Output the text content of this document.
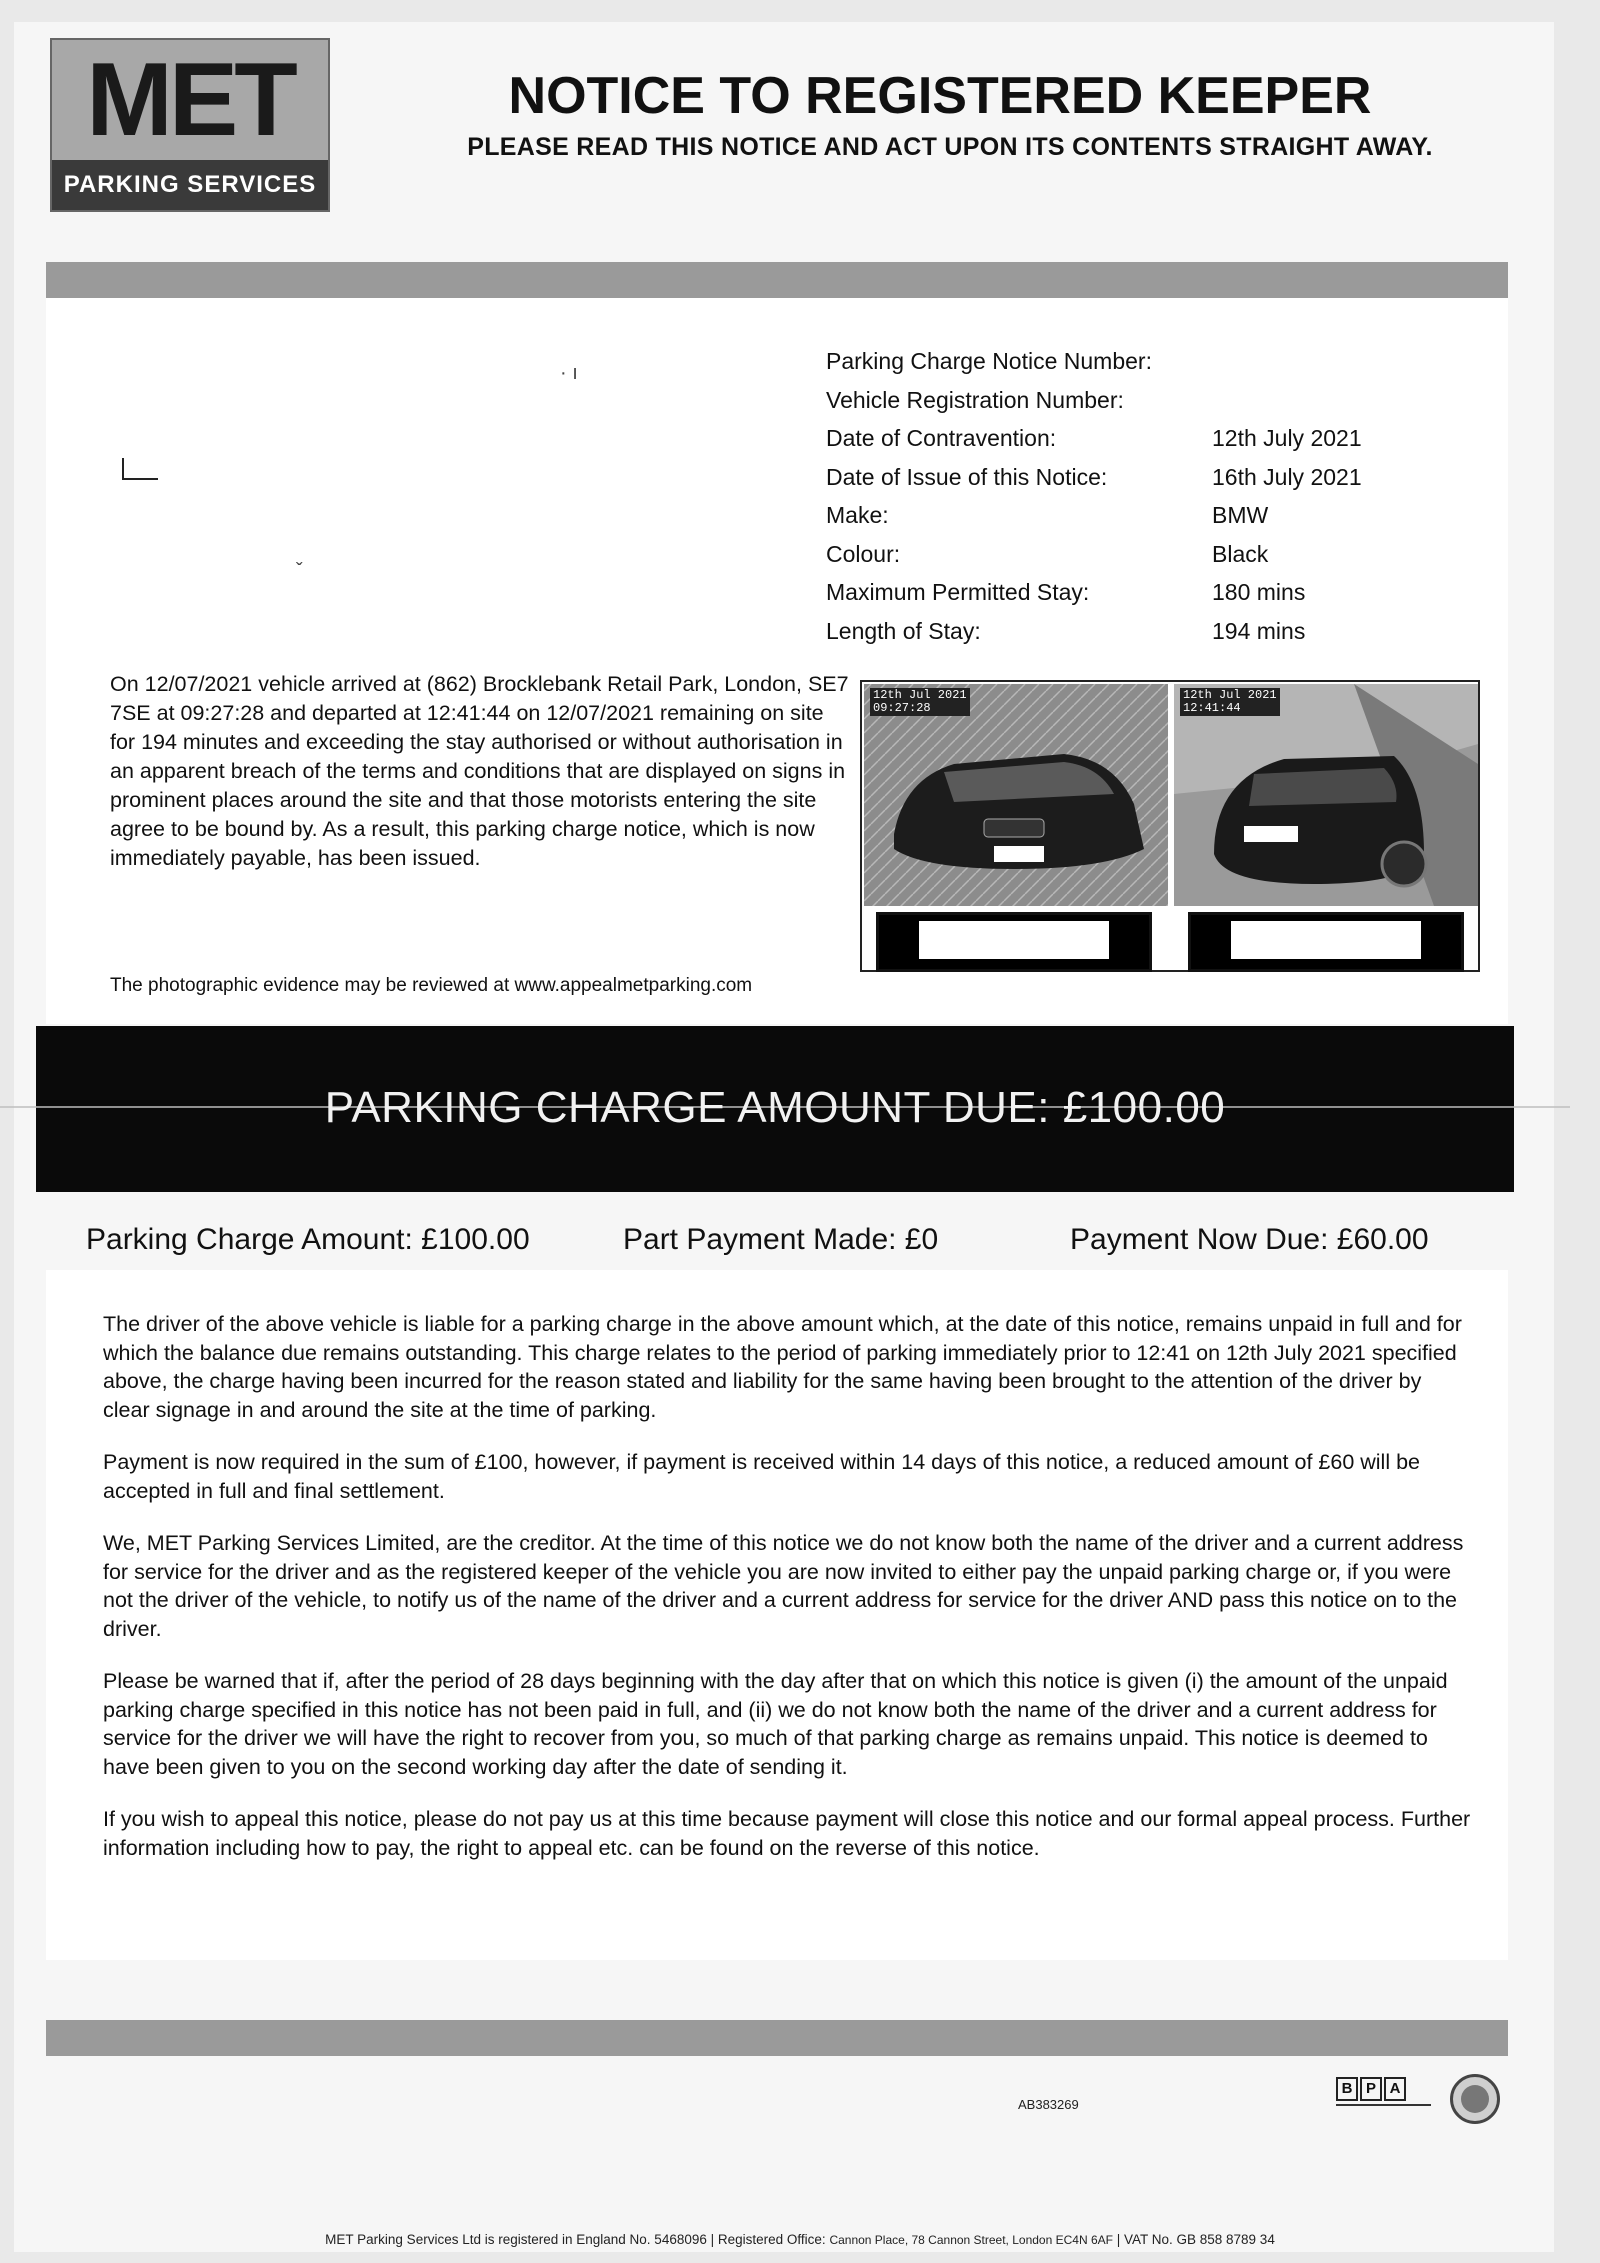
MET
PARKING SERVICES
NOTICE TO REGISTERED KEEPER
PLEASE READ THIS NOTICE AND ACT UPON ITS CONTENTS STRAIGHT AWAY.
· ı
ˇ
Parking Charge Notice Number:
Vehicle Registration Number:
Date of Contravention:	12th July 2021
Date of Issue of this Notice:	16th July 2021
Make:	BMW
Colour:	Black
Maximum Permitted Stay:	180 mins
Length of Stay:	194 mins
On 12/07/2021 vehicle arrived at (862) Brocklebank Retail Park, London, SE7 7SE at 09:27:28 and departed at 12:41:44 on 12/07/2021 remaining on site for 194 minutes and exceeding the stay authorised or without authorisation in an apparent breach of the terms and conditions that are displayed on signs in prominent places around the site and that those motorists entering the site agree to be bound by. As a result, this parking charge notice, which is now immediately payable, has been issued.
The photographic evidence may be reviewed at www.appealmetparking.com
12th Jul 2021
09:27:28
12th Jul 2021
12:41:44
PARKING CHARGE AMOUNT DUE: £100.00
Parking Charge Amount: £100.00	Part Payment Made: £0	Payment Now Due: £60.00

The driver of the above vehicle is liable for a parking charge in the above amount which, at the date of this notice, remains unpaid in full and for which the balance due remains outstanding. This charge relates to the period of parking immediately prior to 12:41 on 12th July 2021 specified above, the charge having been incurred for the reason stated and liability for the same having been brought to the attention of the driver by clear signage in and around the site at the time of parking.

Payment is now required in the sum of £100, however, if payment is received within 14 days of this notice, a reduced amount of £60 will be accepted in full and final settlement.

We, MET Parking Services Limited, are the creditor. At the time of this notice we do not know both the name of the driver and a current address for service for the driver and as the registered keeper of the vehicle you are now invited to either pay the unpaid parking charge or, if you were not the driver of the vehicle, to notify us of the name of the driver and a current address for service for the driver AND pass this notice on to the driver.

Please be warned that if, after the period of 28 days beginning with the day after that on which this notice is given (i) the amount of the unpaid parking charge specified in this notice has not been paid in full, and (ii) we do not know both the name of the driver and a current address for service for the driver we will have the right to recover from you, so much of that parking charge as remains unpaid. This notice is deemed to have been given to you on the second working day after the date of sending it.

If you wish to appeal this notice, please do not pay us at this time because payment will close this notice and our formal appeal process. Further information including how to pay, the right to appeal etc. can be found on the reverse of this notice.

AB383269
B P A
MET Parking Services Ltd is registered in England No. 5468096 | Registered Office: Cannon Place, 78 Cannon Street, London EC4N 6AF | VAT No. GB 858 8789 34
